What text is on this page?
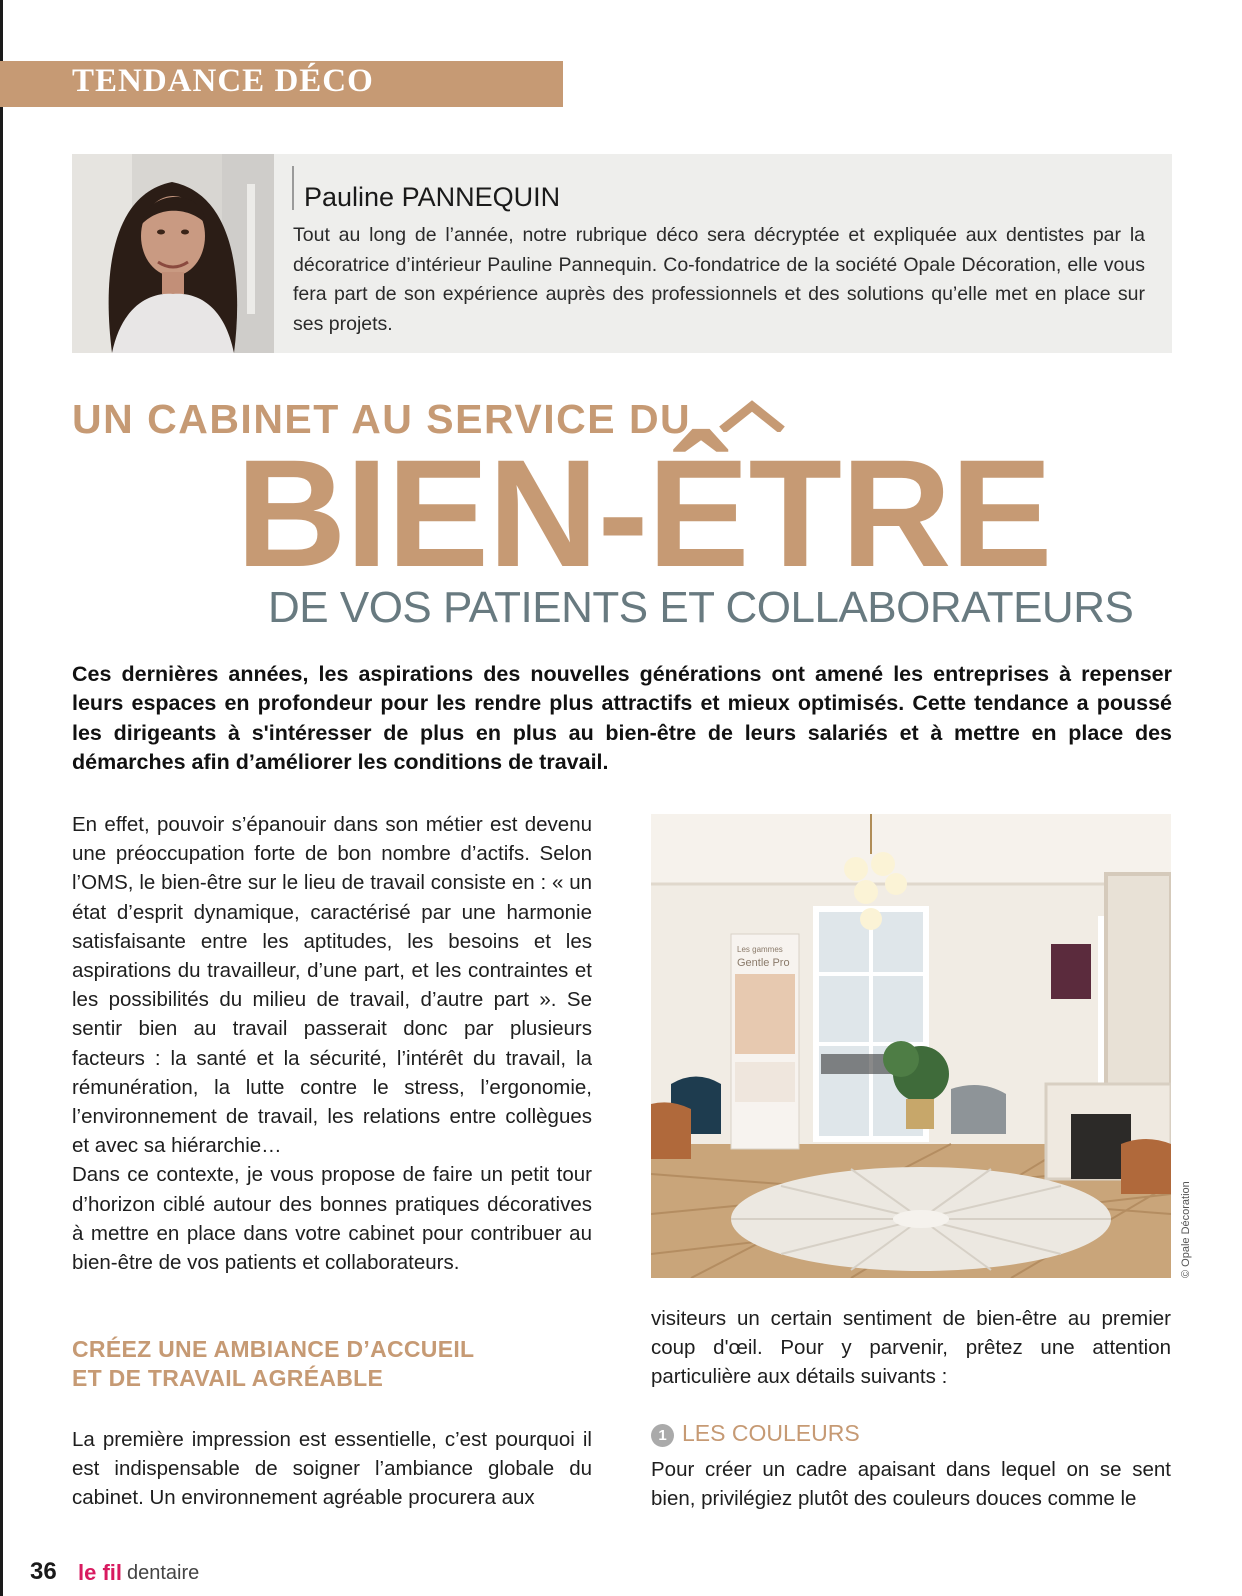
TENDANCE DÉCO
Pauline PANNEQUIN

Tout au long de l’année, notre rubrique déco sera décryptée et expliquée aux dentistes par la décoratrice d’intérieur Pauline Pannequin. Co-fondatrice de la société Opale Décoration, elle vous fera part de son expérience auprès des professionnels et des solutions qu’elle met en place sur ses projets.

UN CABINET AU SERVICE DU
BIEN-ÊTRE
DE VOS PATIENTS ET COLLABORATEURS

Ces dernières années, les aspirations des nouvelles générations ont amené les entreprises à repenser leurs espaces en profondeur pour les rendre plus attractifs et mieux optimisés. Cette tendance a poussé les dirigeants à s'intéresser de plus en plus au bien-être de leurs salariés et à mettre en place des démarches afin d’améliorer les conditions de travail.

En effet, pouvoir s’épanouir dans son métier est devenu une préoccupation forte de bon nombre d’actifs. Selon l’OMS, le bien-être sur le lieu de travail consiste en : « un état d’esprit dynamique, caractérisé par une harmonie satisfaisante entre les aptitudes, les besoins et les aspirations du travailleur, d’une part, et les contraintes et les possibilités du milieu de travail, d’autre part ». Se sentir bien au travail passerait donc par plusieurs facteurs : la santé et la sécurité, l’intérêt du travail, la rémunération, la lutte contre le stress, l’ergonomie, l’environnement de travail, les relations entre collègues et avec sa hiérarchie…

Dans ce contexte, je vous propose de faire un petit tour d’horizon ciblé autour des bonnes pratiques décoratives à mettre en place dans votre cabinet pour contribuer au bien-être de vos patients et collaborateurs.

CRÉEZ UNE AMBIANCE D’ACCUEIL
ET DE TRAVAIL AGRÉABLE

La première impression est essentielle, c’est pourquoi il est indispensable de soigner l’ambiance globale du cabinet. Un environnement agréable procurera aux

Les gammes
Gentle Pro
© Opale Décoration

visiteurs un certain sentiment de bien-être au premier coup d'œil. Pour y parvenir, prêtez une attention particulière aux détails suivants :

1 LES COULEURS

Pour créer un cadre apaisant dans lequel on se sent bien, privilégiez plutôt des couleurs douces comme le

36 le fil dentaire
